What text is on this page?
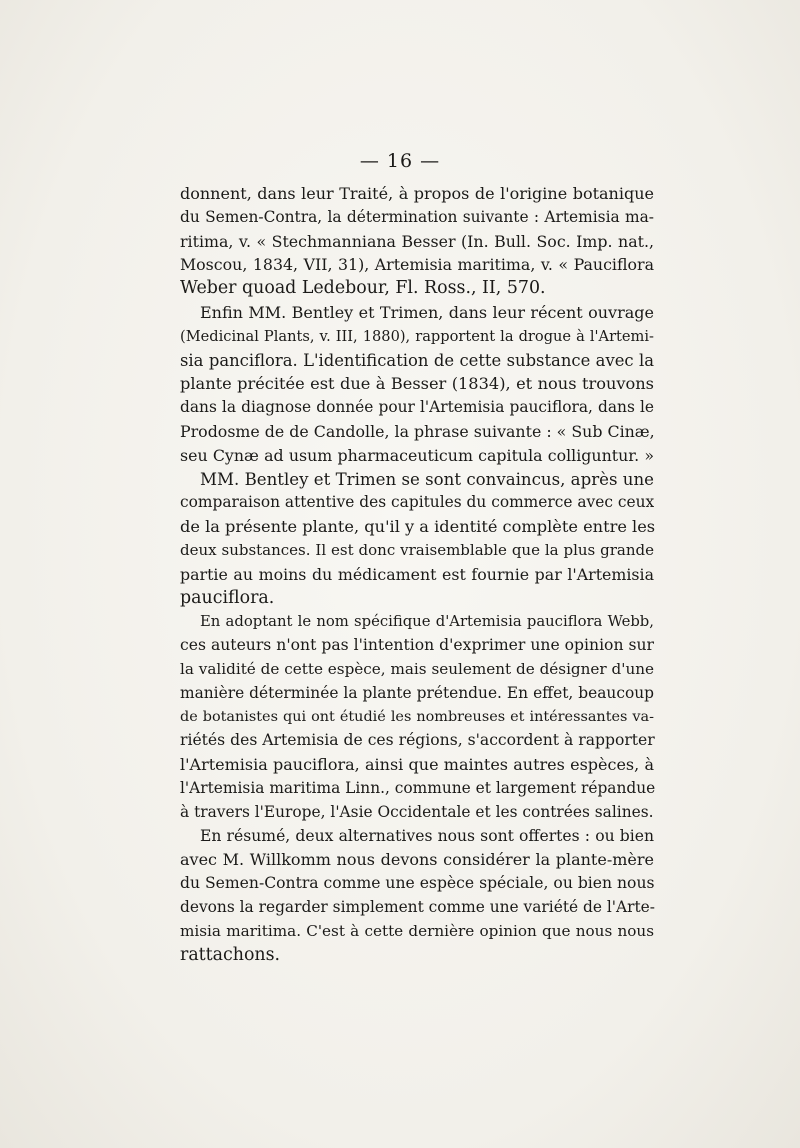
— 16 —
donnent, dans leur Traité, à propos de l'origine botanique
du Semen-Contra, la détermination suivante : Artemisia ma-
ritima, v. « Stechmanniana Besser (In. Bull. Soc. Imp. nat.,
Moscou, 1834, VII, 31), Artemisia maritima, v. « Pauciflora
Weber quoad Ledebour, Fl. Ross., II, 570.
Enfin MM. Bentley et Trimen, dans leur récent ouvrage
(Medicinal Plants, v. III, 1880), rapportent la drogue à l'Artemi-
sia panciflora. L'identification de cette substance avec la
plante précitée est due à Besser (1834), et nous trouvons
dans la diagnose donnée pour l'Artemisia pauciflora, dans le
Prodosme de de Candolle, la phrase suivante : « Sub Cinæ,
seu Cynæ ad usum pharmaceuticum capitula colliguntur. »
MM. Bentley et Trimen se sont convaincus, après une
comparaison attentive des capitules du commerce avec ceux
de la présente plante, qu'il y a identité complète entre les
deux substances. Il est donc vraisemblable que la plus grande
partie au moins du médicament est fournie par l'Artemisia
pauciflora.
En adoptant le nom spécifique d'Artemisia pauciflora Webb,
ces auteurs n'ont pas l'intention d'exprimer une opinion sur
la validité de cette espèce, mais seulement de désigner d'une
manière déterminée la plante prétendue. En effet, beaucoup
de botanistes qui ont étudié les nombreuses et intéressantes va-
riétés des Artemisia de ces régions, s'accordent à rapporter
l'Artemisia pauciflora, ainsi que maintes autres espèces, à
l'Artemisia maritima Linn., commune et largement répandue
à travers l'Europe, l'Asie Occidentale et les contrées salines.
En résumé, deux alternatives nous sont offertes : ou bien
avec M. Willkomm nous devons considérer la plante-mère
du Semen-Contra comme une espèce spéciale, ou bien nous
devons la regarder simplement comme une variété de l'Arte-
misia maritima. C'est à cette dernière opinion que nous nous
rattachons.
